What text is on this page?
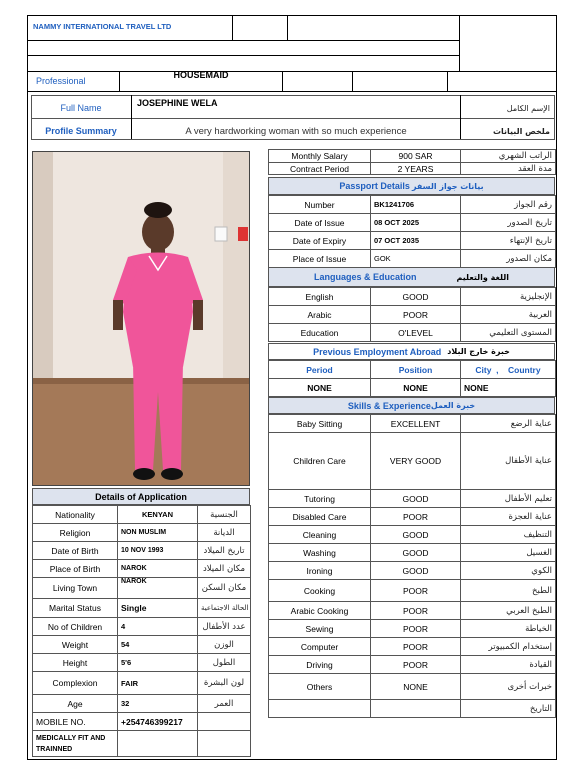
NAMMY INTERNATIONAL TRAVEL LTD
Professional
HOUSEMAID
Full Name	JOSEPHINE WELA	الإسم الكامل
Profile Summary	A very hardworking woman with so much experience	ملخص البيانات
Monthly Salary	900 SAR	الراتب الشهري
Contract Period	2 YEARS	مدة العقد
Passport Details بيانات جواز السفر
Number	BK1241706	رقم الجواز
Date of Issue	08 OCT 2025	تاريخ الصدور
Date of Expiry	07 OCT 2035	تاريخ الإنتهاء
Place of Issue	GOK	مكان الصدور
Languages & Education	اللغة والتعليم
English	GOOD	الإنجليزية
Arabic	POOR	العربية
Education	O'LEVEL	المستوى التعليمي
Previous Employment Abroad خبرة خارج البلاد
Period	Position	City  ,    Country
NONE	NONE	NONE
Skills & Experience خبرة العمل
Baby Sitting	EXCELLENT	عناية الرضع
Children Care	VERY GOOD	عناية الأطفال
Tutoring	GOOD	تعليم الأطفال
Disabled Care	POOR	عناية العجزة
Cleaning	GOOD	التنظيف
Washing	GOOD	الغسيل
Ironing	GOOD	الكوي
Cooking	POOR	الطبخ
Arabic Cooking	POOR	الطبخ العربي
Sewing	POOR	الخياطة
Computer	POOR	إستخدام الكمبيوتر
Driving	POOR	القيادة
Others	NONE	خبرات أخرى
		التاريخ
Details of Application
Nationality	KENYAN	الجنسية
Religion	NON MUSLIM	الديانة
Date of Birth	10 NOV 1993	تاريخ الميلاد
Place of Birth	NAROK	مكان الميلاد
Living Town	NAROK	مكان السكن
Marital Status	Single	الحالة الاجتماعية
No of Children	4	عدد الأطفال
Weight	54	الوزن
Height	5'6	الطول
Complexion	FAIR	لون البشرة
Age	32	العمر
MOBILE NO.	+254746399217	
MEDICALLY FIT AND TRAINNED		
